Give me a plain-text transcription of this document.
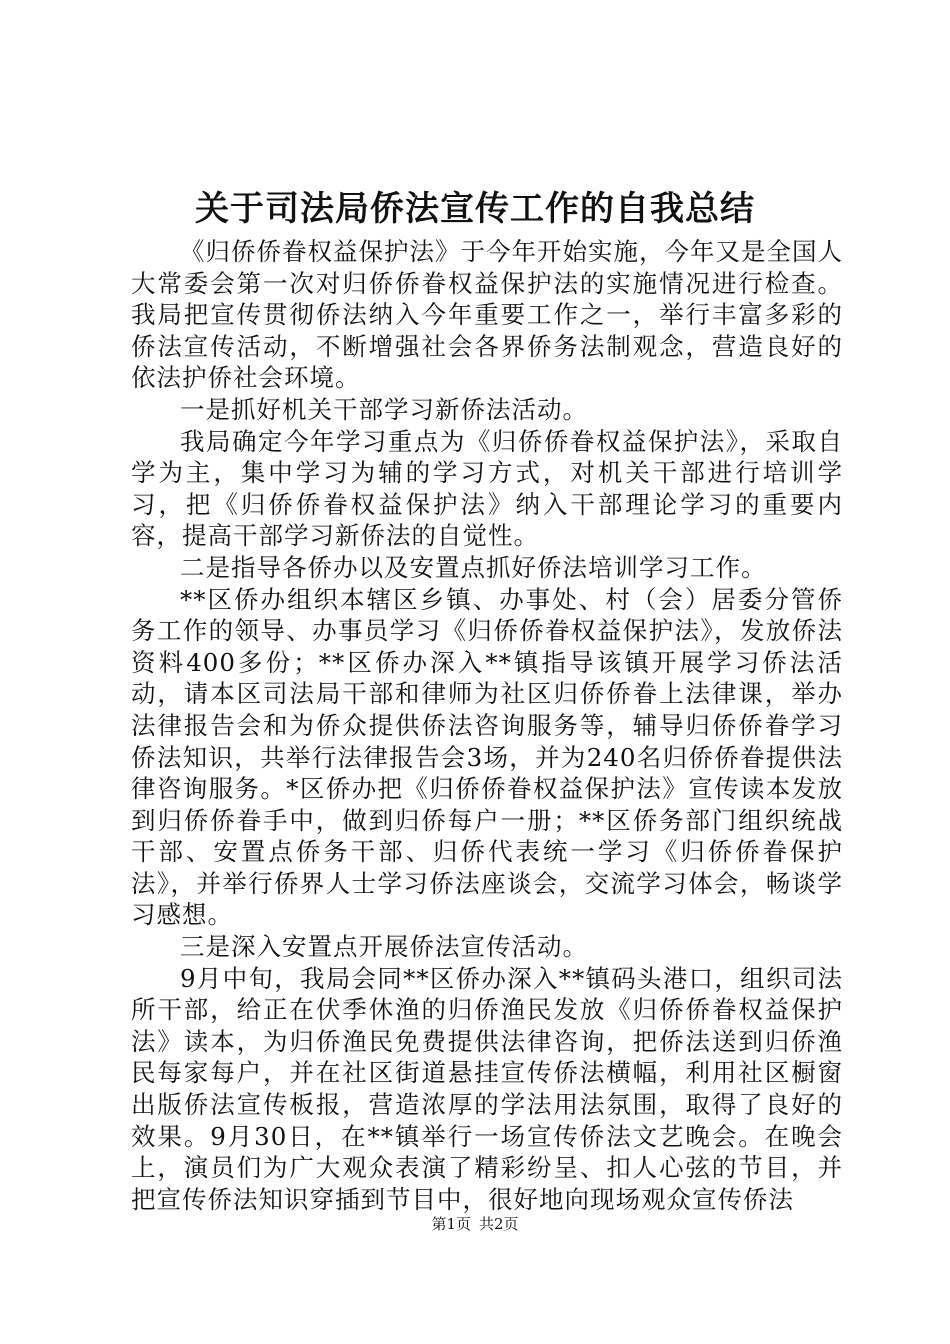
关于司法局侨法宣传工作的自我总结

《归侨侨眷权益保护法》于今年开始实施，今年又是全国人大常委会第一次对归侨侨眷权益保护法的实施情况进行检查。我局把宣传贯彻侨法纳入今年重要工作之一，举行丰富多彩的侨法宣传活动，不断增强社会各界侨务法制观念，营造良好的依法护侨社会环境。

一是抓好机关干部学习新侨法活动。

我局确定今年学习重点为《归侨侨眷权益保护法》，采取自学为主，集中学习为辅的学习方式，对机关干部进行培训学习，把《归侨侨眷权益保护法》纳入干部理论学习的重要内容，提高干部学习新侨法的自觉性。

二是指导各侨办以及安置点抓好侨法培训学习工作。

**区侨办组织本辖区乡镇、办事处、村（会）居委分管侨务工作的领导、办事员学习《归侨侨眷权益保护法》，发放侨法资料400多份；**区侨办深入**镇指导该镇开展学习侨法活动，请本区司法局干部和律师为社区归侨侨眷上法律课，举办法律报告会和为侨众提供侨法咨询服务等，辅导归侨侨眷学习侨法知识，共举行法律报告会3场，并为240名归侨侨眷提供法律咨询服务。*区侨办把《归侨侨眷权益保护法》宣传读本发放到归侨侨眷手中，做到归侨每户一册；**区侨务部门组织统战干部、安置点侨务干部、归侨代表统一学习《归侨侨眷保护法》，并举行侨界人士学习侨法座谈会，交流学习体会，畅谈学习感想。

三是深入安置点开展侨法宣传活动。

9月中旬，我局会同**区侨办深入**镇码头港口，组织司法所干部，给正在伏季休渔的归侨渔民发放《归侨侨眷权益保护法》读本，为归侨渔民免费提供法律咨询，把侨法送到归侨渔民每家每户，并在社区街道悬挂宣传侨法横幅，利用社区橱窗出版侨法宣传板报，营造浓厚的学法用法氛围，取得了良好的效果。9月30日，在**镇举行一场宣传侨法文艺晚会。在晚会上，演员们为广大观众表演了精彩纷呈、扣人心弦的节目，并把宣传侨法知识穿插到节目中，很好地向现场观众宣传侨法

第1页 共2页
